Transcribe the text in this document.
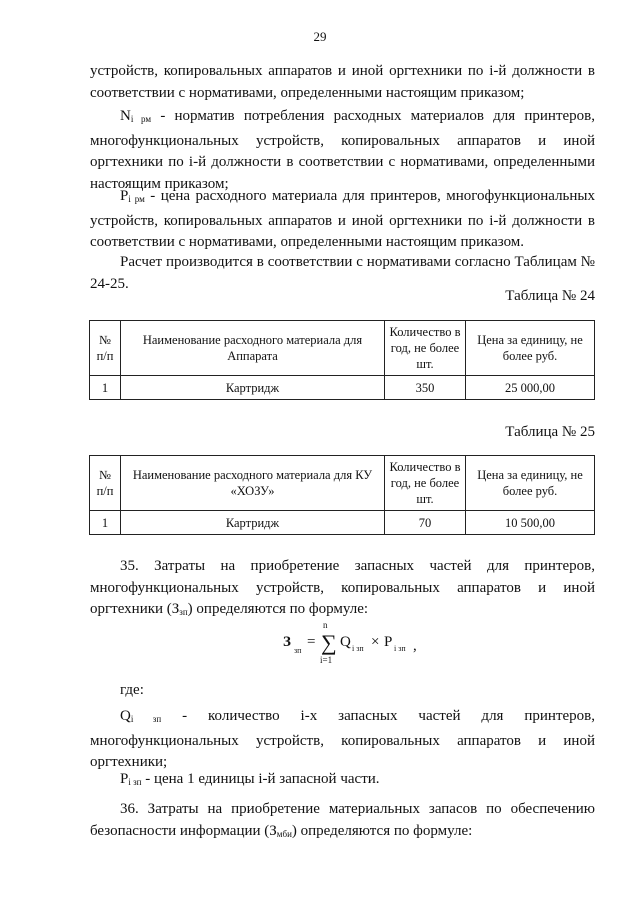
29

устройств, копировальных аппаратов и иной оргтехники по i-й должности в соответствии с нормативами, определенными настоящим приказом;

$N_{i рм}$ - норматив потребления расходных материалов для принтеров, многофункциональных устройств, копировальных аппаратов и иной оргтехники по i-й должности в соответствии с нормативами, определенными настоящим приказом;

$P_{i рм}$ - цена расходного материала для принтеров, многофункциональных устройств, копировальных аппаратов и иной оргтехники по i-й должности в соответствии с нормативами, определенными настоящим приказом.

Расчет производится в соответствии с нормативами согласно Таблицам № 24-25.

Таблица № 24
№ п/п	Наименование расходного материала для Аппарата	Количество в год, не более шт.	Цена за единицу, не более руб.
1	Картридж	350	25 000,00
Таблица № 25
№ п/п	Наименование расходного материала для КУ «ХОЗУ»	Количество в год, не более шт.	Цена за единицу, не более руб.
1	Картридж	70	10 500,00

35. Затраты на приобретение запасных частей для принтеров, многофункциональных устройств, копировальных аппаратов и иной оргтехники $(З_{зп})$ определяются по формуле:

З
зп
= ∑
n
i=1
Q i зп × P i зп ,

где:

$Q_{i зп}$ - количество i-х запасных частей для принтеров, многофункциональных устройств, копировальных аппаратов и иной оргтехники;

$P_{i зп}$ - цена 1 единицы i-й запасной части.

36. Затраты на приобретение материальных запасов по обеспечению безопасности информации $(З_{мби})$ определяются по формуле:
